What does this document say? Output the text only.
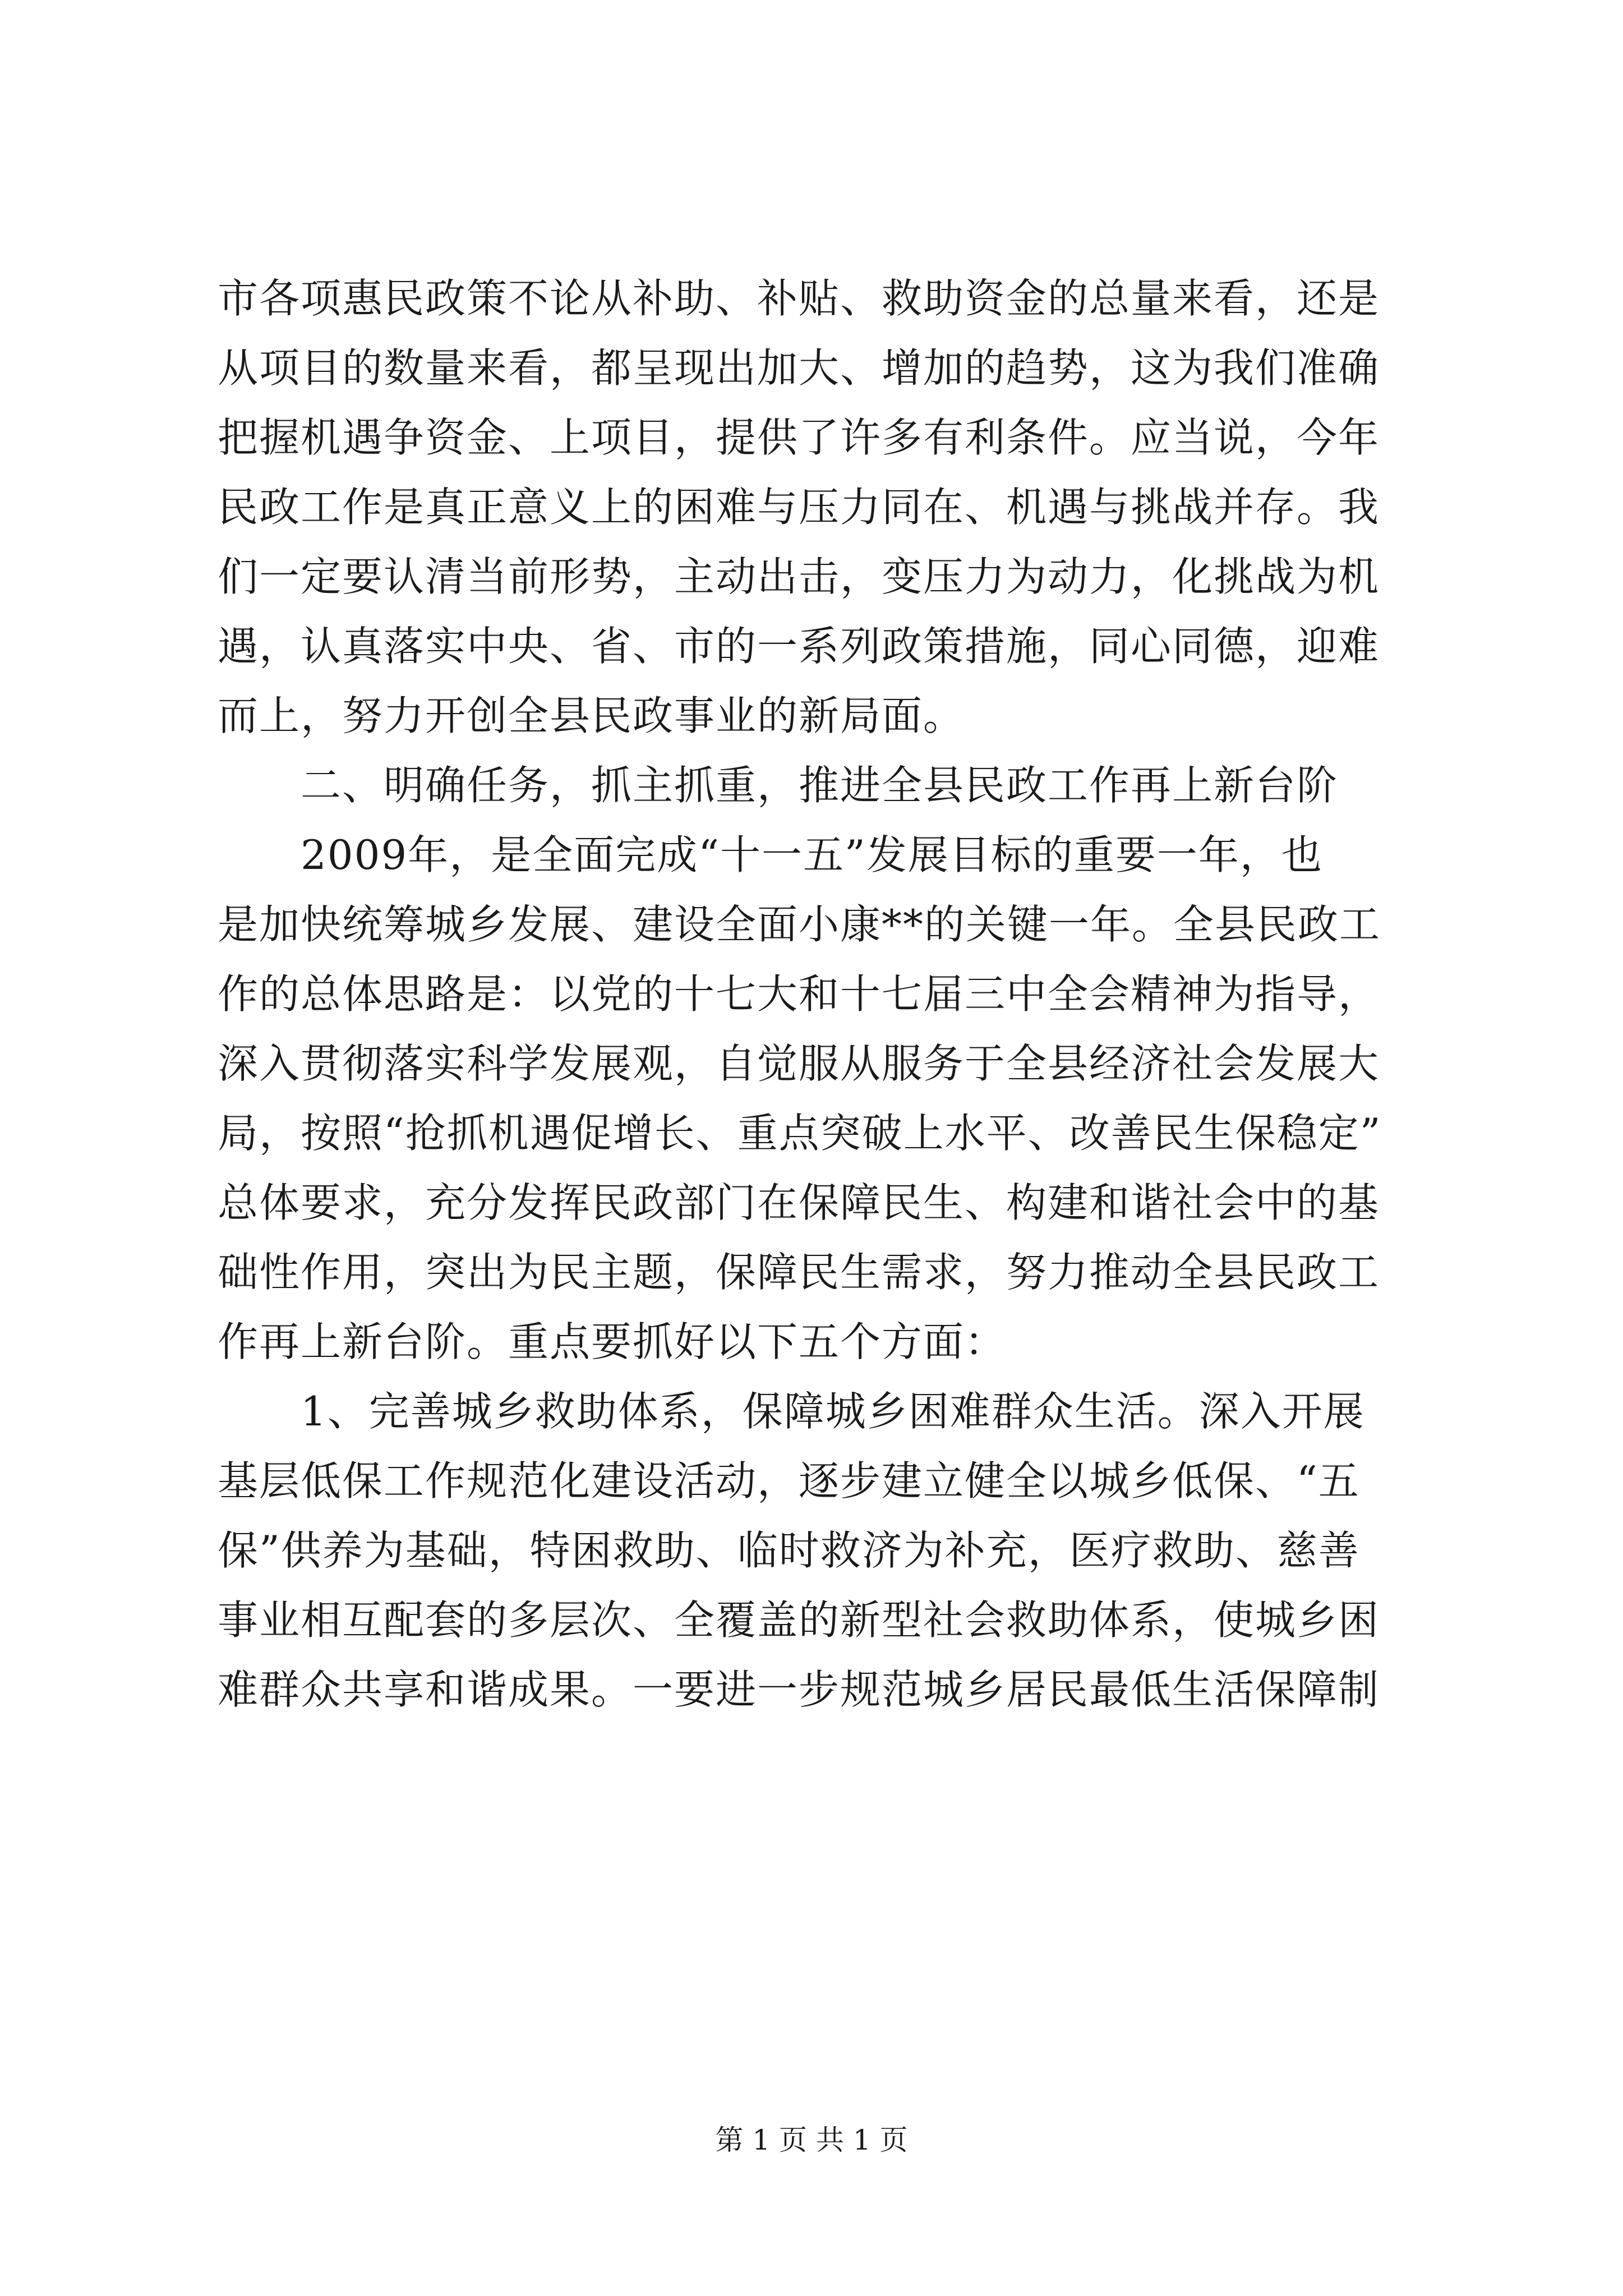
市各项惠民政策不论从补助、补贴、救助资金的总量来看，还是
从项目的数量来看，都呈现出加大、增加的趋势，这为我们准确
把握机遇争资金、上项目，提供了许多有利条件。应当说，今年
民政工作是真正意义上的困难与压力同在、机遇与挑战并存。我
们一定要认清当前形势，主动出击，变压力为动力，化挑战为机
遇，认真落实中央、省、市的一系列政策措施，同心同德，迎难
而上，努力开创全县民政事业的新局面。
二、明确任务，抓主抓重，推进全县民政工作再上新台阶
2009年，是全面完成“十一五”发展目标的重要一年，也
是加快统筹城乡发展、建设全面小康**的关键一年。全县民政工
作的总体思路是：以党的十七大和十七届三中全会精神为指导，
深入贯彻落实科学发展观，自觉服从服务于全县经济社会发展大
局，按照“抢抓机遇促增长、重点突破上水平、改善民生保稳定”
总体要求，充分发挥民政部门在保障民生、构建和谐社会中的基
础性作用，突出为民主题，保障民生需求，努力推动全县民政工
作再上新台阶。重点要抓好以下五个方面：
1、完善城乡救助体系，保障城乡困难群众生活。深入开展
基层低保工作规范化建设活动，逐步建立健全以城乡低保、“五
保”供养为基础，特困救助、临时救济为补充，医疗救助、慈善
事业相互配套的多层次、全覆盖的新型社会救助体系，使城乡困
难群众共享和谐成果。一要进一步规范城乡居民最低生活保障制
第 1 页 共 1 页
